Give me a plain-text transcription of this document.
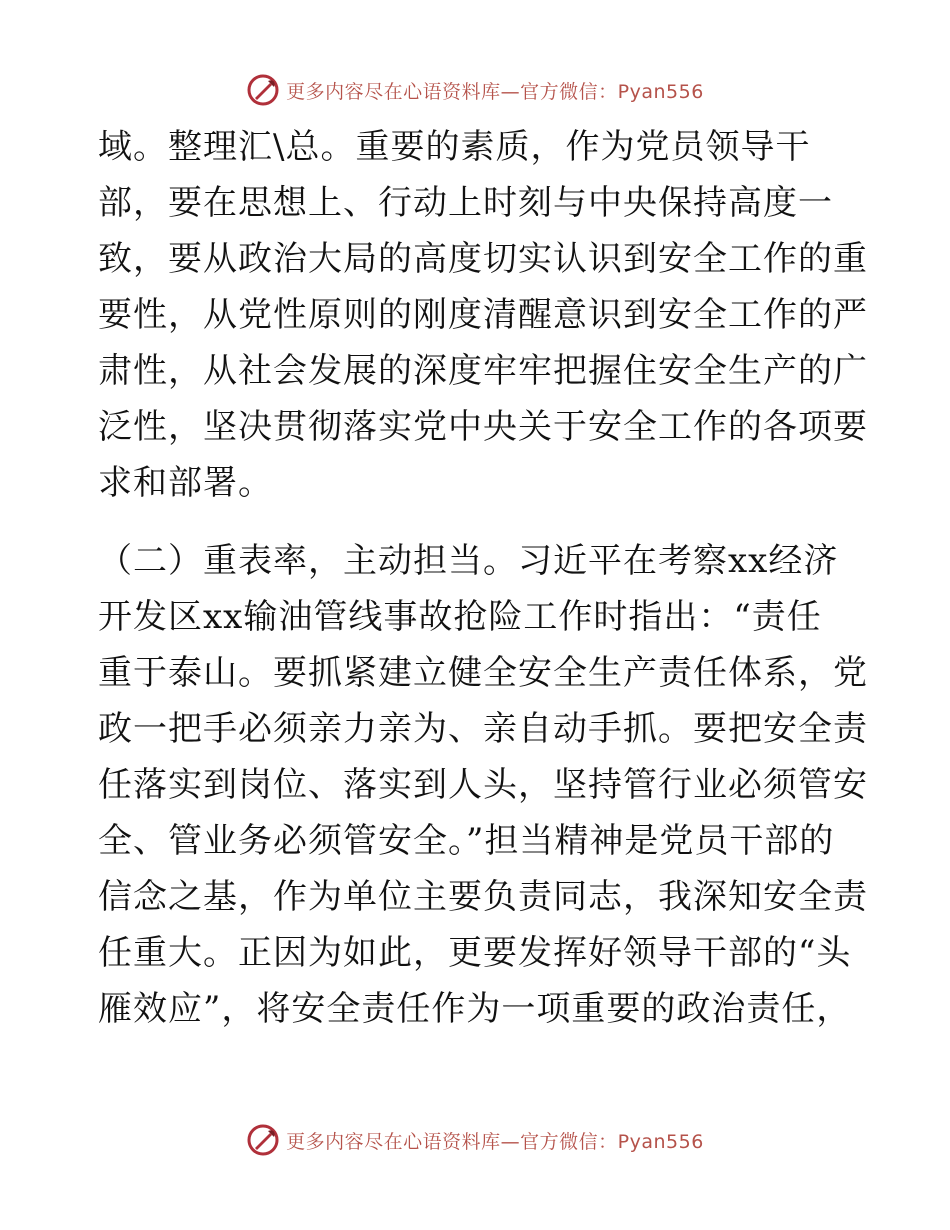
更多内容尽在心语资料库—官方微信：Pyan556
域。整理汇\总。重要的素质，作为党员领导干
部，要在思想上、行动上时刻与中央保持高度一
致，要从政治大局的高度切实认识到安全工作的重
要性，从党性原则的刚度清醒意识到安全工作的严
肃性，从社会发展的深度牢牢把握住安全生产的广
泛性，坚决贯彻落实党中央关于安全工作的各项要
求和部署。
（二）重表率，主动担当。习近平在考察xx经济
开发区xx输油管线事故抢险工作时指出：“责任
重于泰山。要抓紧建立健全安全生产责任体系，党
政一把手必须亲力亲为、亲自动手抓。要把安全责
任落实到岗位、落实到人头，坚持管行业必须管安
全、管业务必须管安全。”担当精神是党员干部的
信念之基，作为单位主要负责同志，我深知安全责
任重大。正因为如此，更要发挥好领导干部的“头
雁效应”，将安全责任作为一项重要的政治责任，
更多内容尽在心语资料库—官方微信：Pyan556
